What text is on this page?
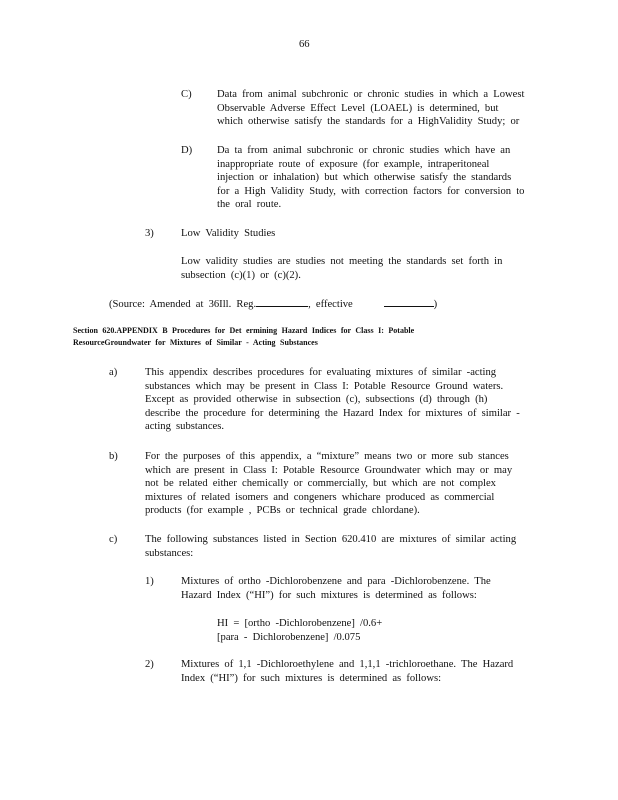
66
C) Data from animal subchronic or chronic studies in which a Lowest
Observable Adverse Effect Level (LOAEL) is determined, but
which otherwise satisfy the standards for a HighValidity Study; or
D) Da ta from animal subchronic or chronic studies which have an
inappropriate route of exposure (for example, intraperitoneal
injection or inhalation) but which otherwise satisfy the standards
for a High Validity Study, with correction factors for conversion to
the oral route.
3)	Low Validity Studies
Low validity studies are studies not meeting the standards set forth in
subsection (c)(1) or (c)(2).
(Source: Amended at 36Ill. Reg.	, effective	)
Section 620.APPENDIX B Procedures for Det ermining Hazard Indices for Class I: Potable
ResourceGroundwater for Mixtures of Similar - Acting Substances
a)	This appendix describes procedures for evaluating mixtures of similar -acting
substances which may be present in Class I: Potable Resource Ground waters.
Except as provided otherwise in subsection (c), subsections (d) through (h)
describe the procedure for determining the Hazard Index for mixtures of similar -
acting substances.
b)	For the purposes of this appendix, a “mixture” means two or more sub stances
which are present in Class I: Potable Resource Groundwater which may or may
not be related either chemically or commercially, but which are not complex
mixtures of related isomers and congeners whichare produced as commercial
products (for example , PCBs or technical grade chlordane).
c)	The following substances listed in Section 620.410 are mixtures of similar acting
substances:
1)	Mixtures of ortho -Dichlorobenzene and para -Dichlorobenzene. The
Hazard Index (“HI”) for such mixtures is determined as follows:
HI = [ortho -Dichlorobenzene] /0.6+
[para - Dichlorobenzene] /0.075
2)	Mixtures of 1,1 -Dichloroethylene and 1,1,1 -trichloroethane. The Hazard
Index (“HI”) for such mixtures is determined as follows:
